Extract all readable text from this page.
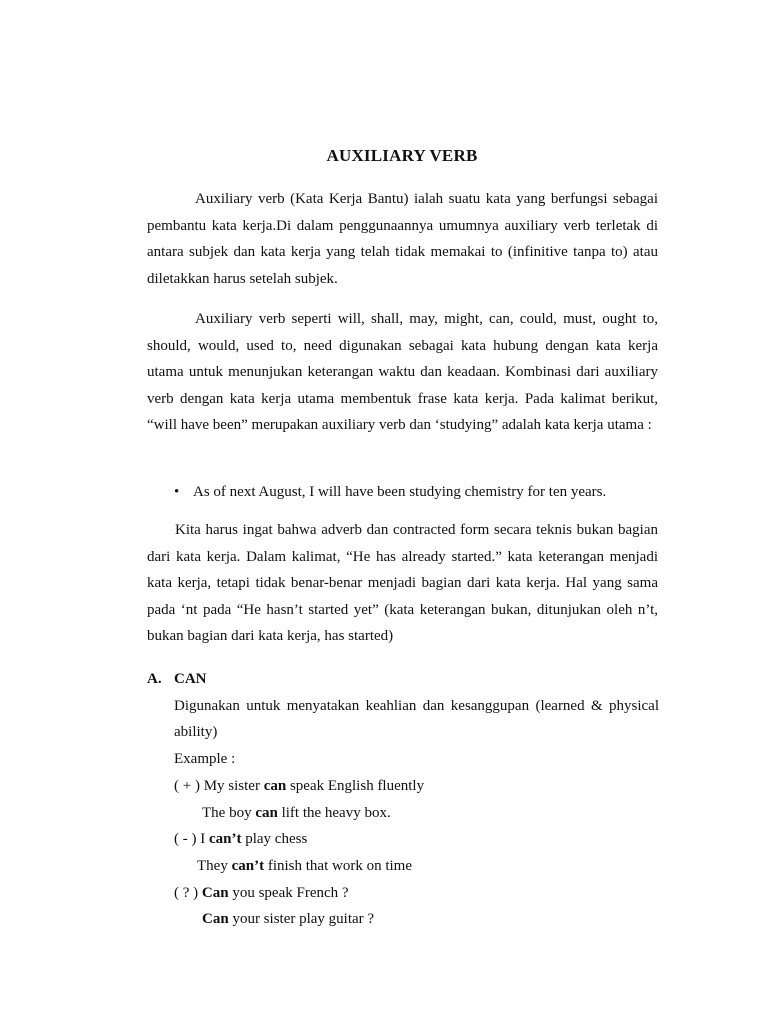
AUXILIARY VERB

Auxiliary verb (Kata Kerja Bantu) ialah suatu kata yang berfungsi sebagai pembantu kata kerja.Di dalam penggunaannya umumnya auxiliary verb terletak di antara subjek dan kata kerja yang telah tidak memakai to (infinitive tanpa to) atau diletakkan harus setelah subjek.

Auxiliary verb seperti will, shall, may, might, can, could, must, ought to, should, would, used to, need digunakan sebagai kata hubung dengan kata kerja utama untuk menunjukan keterangan waktu dan keadaan. Kombinasi dari auxiliary verb dengan kata kerja utama membentuk frase kata kerja. Pada kalimat berikut, “will have been” merupakan auxiliary verb dan ‘studying” adalah kata kerja utama :

• As of next August, I will have been studying chemistry for ten years.

Kita harus ingat bahwa adverb dan contracted form secara teknis bukan bagian dari kata kerja. Dalam kalimat, “He has already started.” kata keterangan menjadi kata kerja, tetapi tidak benar-benar menjadi bagian dari kata kerja. Hal yang sama pada ‘nt pada “He hasn’t started yet” (kata keterangan bukan, ditunjukan oleh n’t, bukan bagian dari kata kerja, has started)

A. CAN
Digunakan untuk menyatakan keahlian dan kesanggupan (learned & physical ability)
Example :
( + ) My sister can speak English fluently
The boy can lift the heavy box.
( - ) I can’t play chess
They can’t finish that work on time
( ? ) Can you speak French ?
Can your sister play guitar ?
